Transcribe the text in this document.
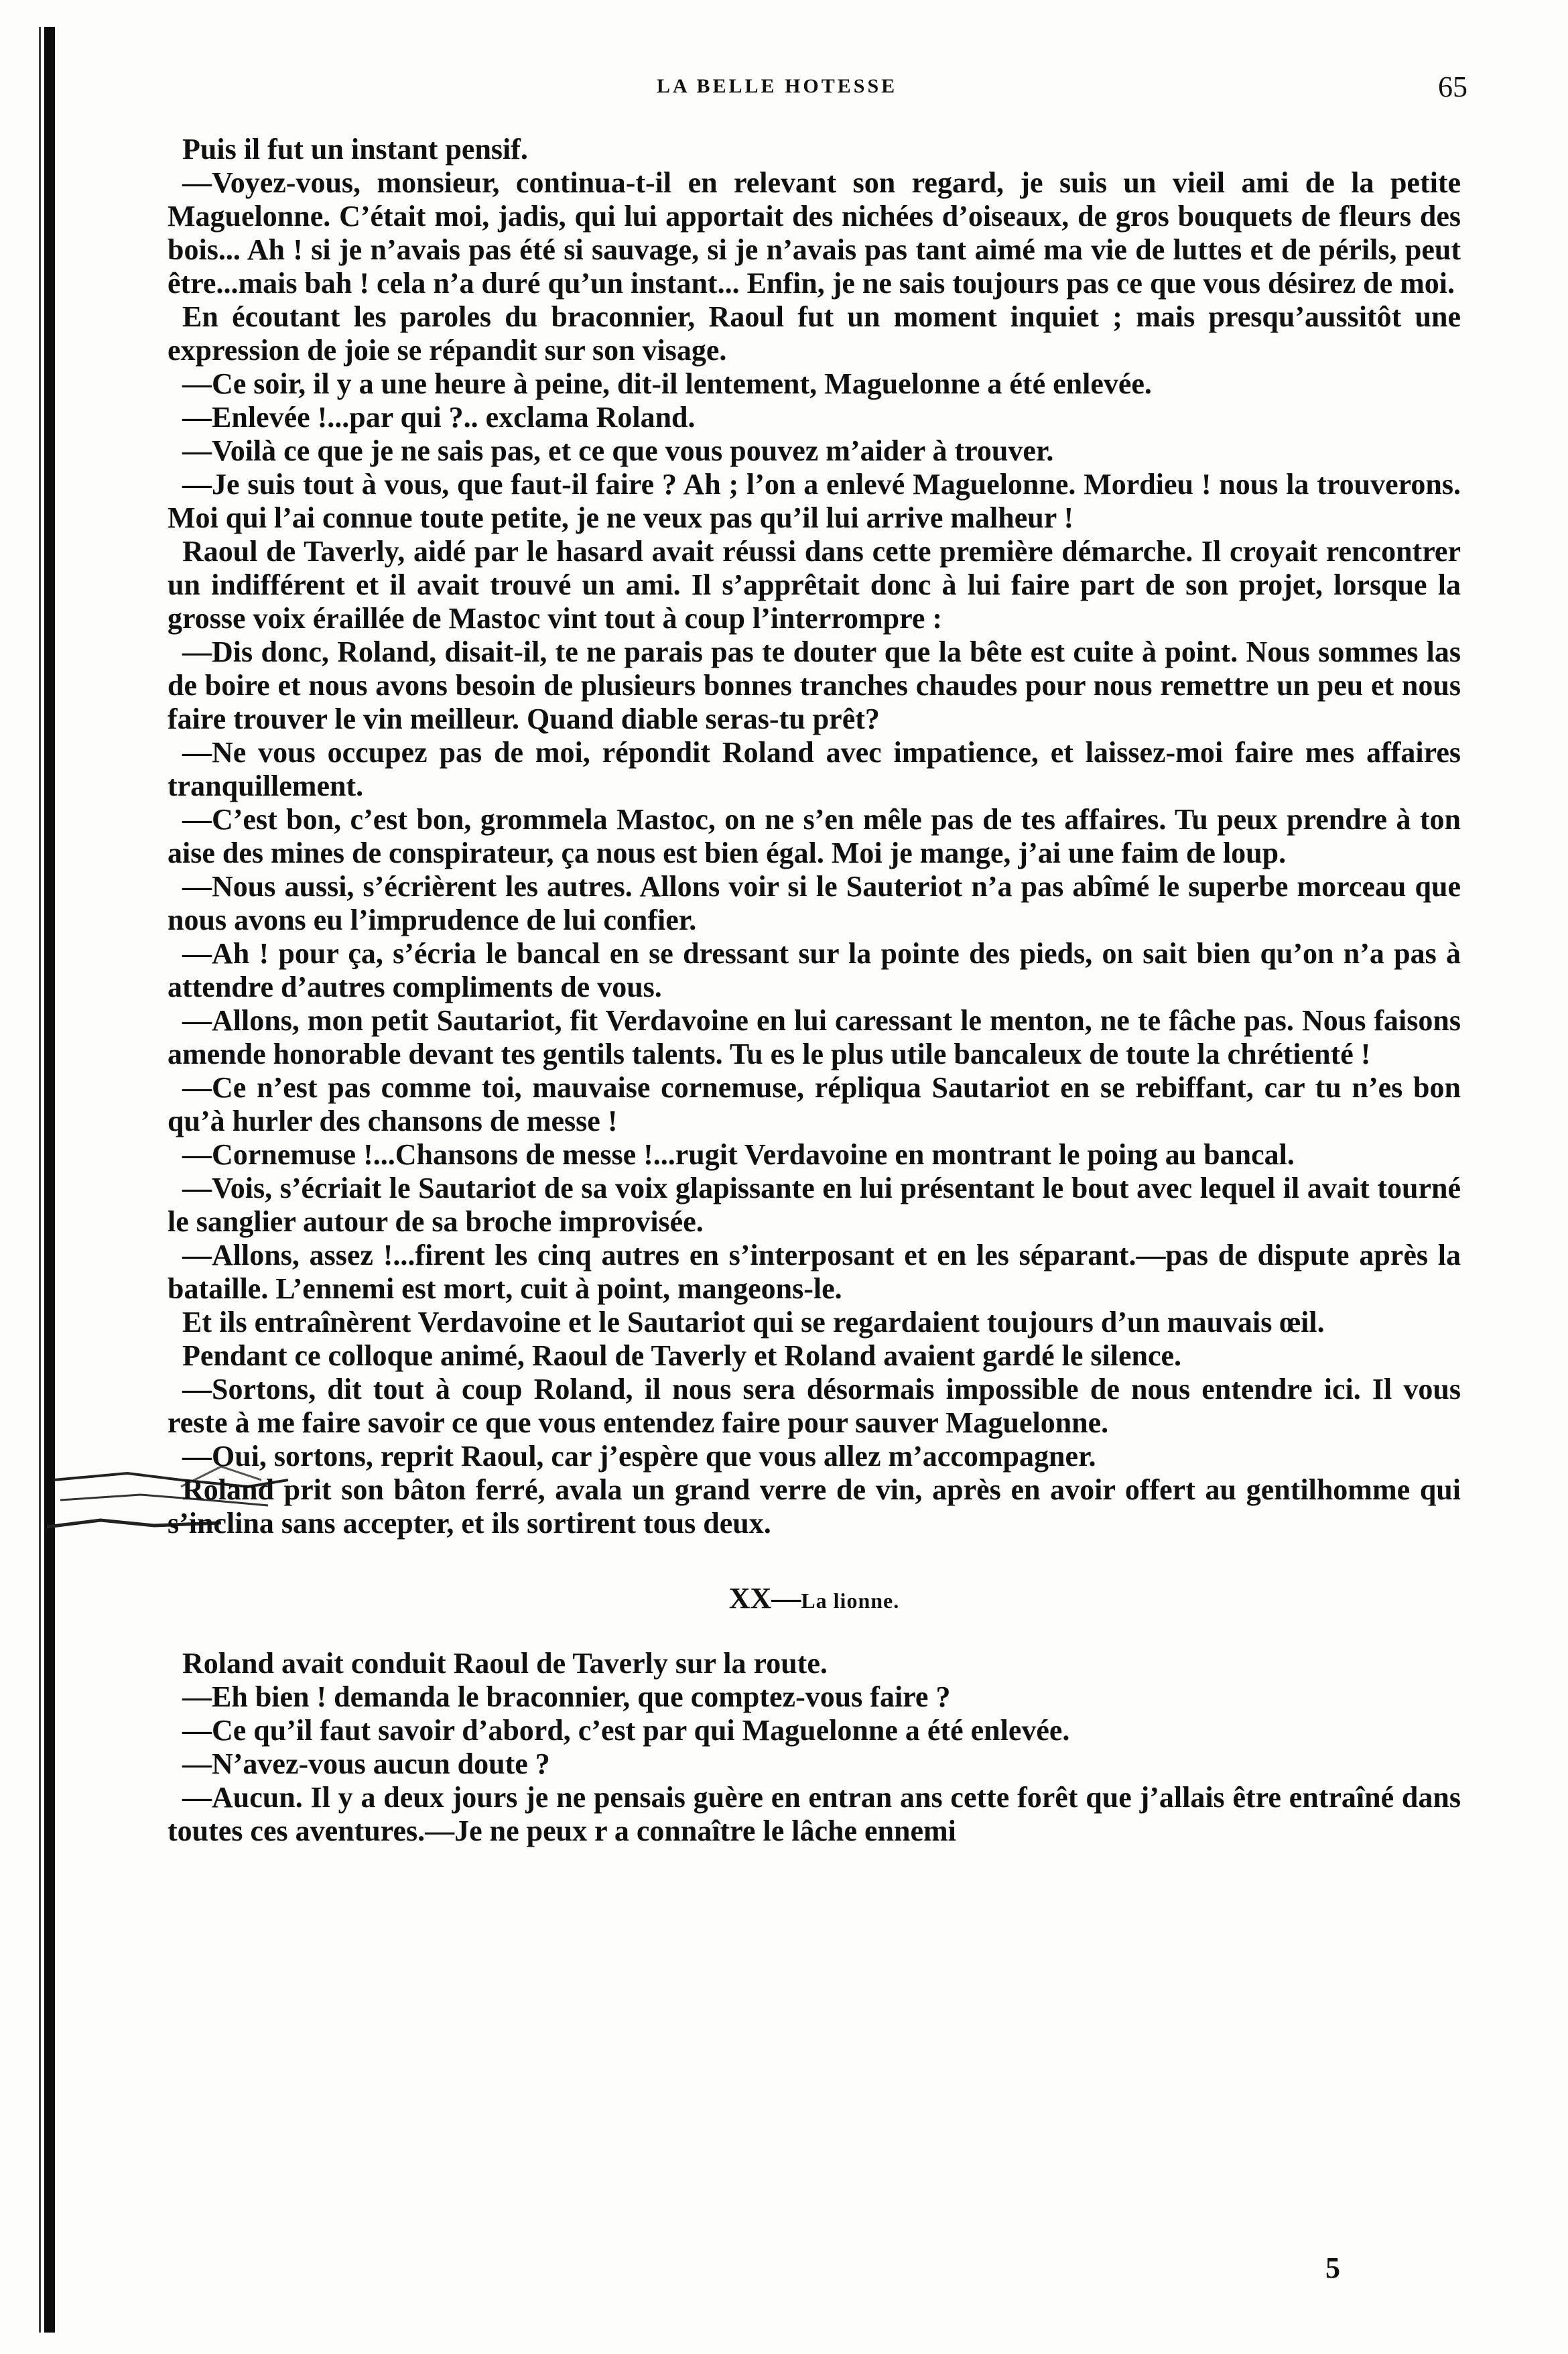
LA BELLE HOTESSE	65

Puis il fut un instant pensif.

—Voyez-vous, monsieur, continua-t-il en relevant son regard, je suis un vieil ami de la petite Maguelonne. C’était moi, jadis, qui lui apportait des nichées d’oiseaux, de gros bouquets de fleurs des bois... Ah ! si je n’avais pas été si sauvage, si je n’avais pas tant aimé ma vie de luttes et de périls, peut être...mais bah ! cela n’a duré qu’un instant... Enfin, je ne sais toujours pas ce que vous désirez de moi.

En écoutant les paroles du braconnier, Raoul fut un moment inquiet ; mais presqu’aussitôt une expression de joie se répandit sur son visage.

—Ce soir, il y a une heure à peine, dit-il lentement, Maguelonne a été enlevée.

—Enlevée !...par qui ?.. exclama Roland.

—Voilà ce que je ne sais pas, et ce que vous pouvez m’aider à trouver.

—Je suis tout à vous, que faut-il faire ? Ah ; l’on a enlevé Maguelonne. Mordieu ! nous la trouverons. Moi qui l’ai connue toute petite, je ne veux pas qu’il lui arrive malheur !

Raoul de Taverly, aidé par le hasard avait réussi dans cette première démarche. Il croyait rencontrer un indifférent et il avait trouvé un ami. Il s’apprêtait donc à lui faire part de son projet, lorsque la grosse voix éraillée de Mastoc vint tout à coup l’interrompre :

—Dis donc, Roland, disait-il, te ne parais pas te douter que la bête est cuite à point. Nous sommes las de boire et nous avons besoin de plusieurs bonnes tranches chaudes pour nous remettre un peu et nous faire trouver le vin meilleur. Quand diable seras-tu prêt?

—Ne vous occupez pas de moi, répondit Roland avec impatience, et laissez-moi faire mes affaires tranquillement.

—C’est bon, c’est bon, grommela Mastoc, on ne s’en mêle pas de tes affaires. Tu peux prendre à ton aise des mines de conspirateur, ça nous est bien égal. Moi je mange, j’ai une faim de loup.

—Nous aussi, s’écrièrent les autres. Allons voir si le Sauteriot n’a pas abîmé le superbe morceau que nous avons eu l’imprudence de lui confier.

—Ah ! pour ça, s’écria le bancal en se dressant sur la pointe des pieds, on sait bien qu’on n’a pas à attendre d’autres compliments de vous.

—Allons, mon petit Sautariot, fit Verdavoine en lui caressant le menton, ne te fâche pas. Nous faisons amende honorable devant tes gentils talents. Tu es le plus utile bancaleux de toute la chrétienté !

—Ce n’est pas comme toi, mauvaise cornemuse, répliqua Sautariot en se rebiffant, car tu n’es bon qu’à hurler des chansons de messe !

—Cornemuse !...Chansons de messe !...rugit Verdavoine en montrant le poing au bancal.

—Vois, s’écriait le Sautariot de sa voix glapissante en lui présentant le bout avec lequel il avait tourné le sanglier autour de sa broche improvisée.

—Allons, assez !...firent les cinq autres en s’interposant et en les séparant.—pas de dispute après la bataille. L’ennemi est mort, cuit à point, mangeons-le.

Et ils entraînèrent Verdavoine et le Sautariot qui se regardaient toujours d’un mauvais œil.

Pendant ce colloque animé, Raoul de Taverly et Roland avaient gardé le silence.

—Sortons, dit tout à coup Roland, il nous sera désormais impossible de nous entendre ici. Il vous reste à me faire savoir ce que vous entendez faire pour sauver Maguelonne.

—Oui, sortons, reprit Raoul, car j’espère que vous allez m’accompagner.

Roland prit son bâton ferré, avala un grand verre de vin, après en avoir offert au gentilhomme qui s’inclina sans accepter, et ils sortirent tous deux.

XX—La lionne.

Roland avait conduit Raoul de Taverly sur la route.

—Eh bien ! demanda le braconnier, que comptez-vous faire ?

—Ce qu’il faut savoir d’abord, c’est par qui Maguelonne a été enlevée.

—N’avez-vous aucun doute ?

—Aucun. Il y a deux jours je ne pensais guère en entran ans cette forêt que j’allais être entraîné dans toutes ces aventures.—Je ne peux r a connaître le lâche ennemi

5
